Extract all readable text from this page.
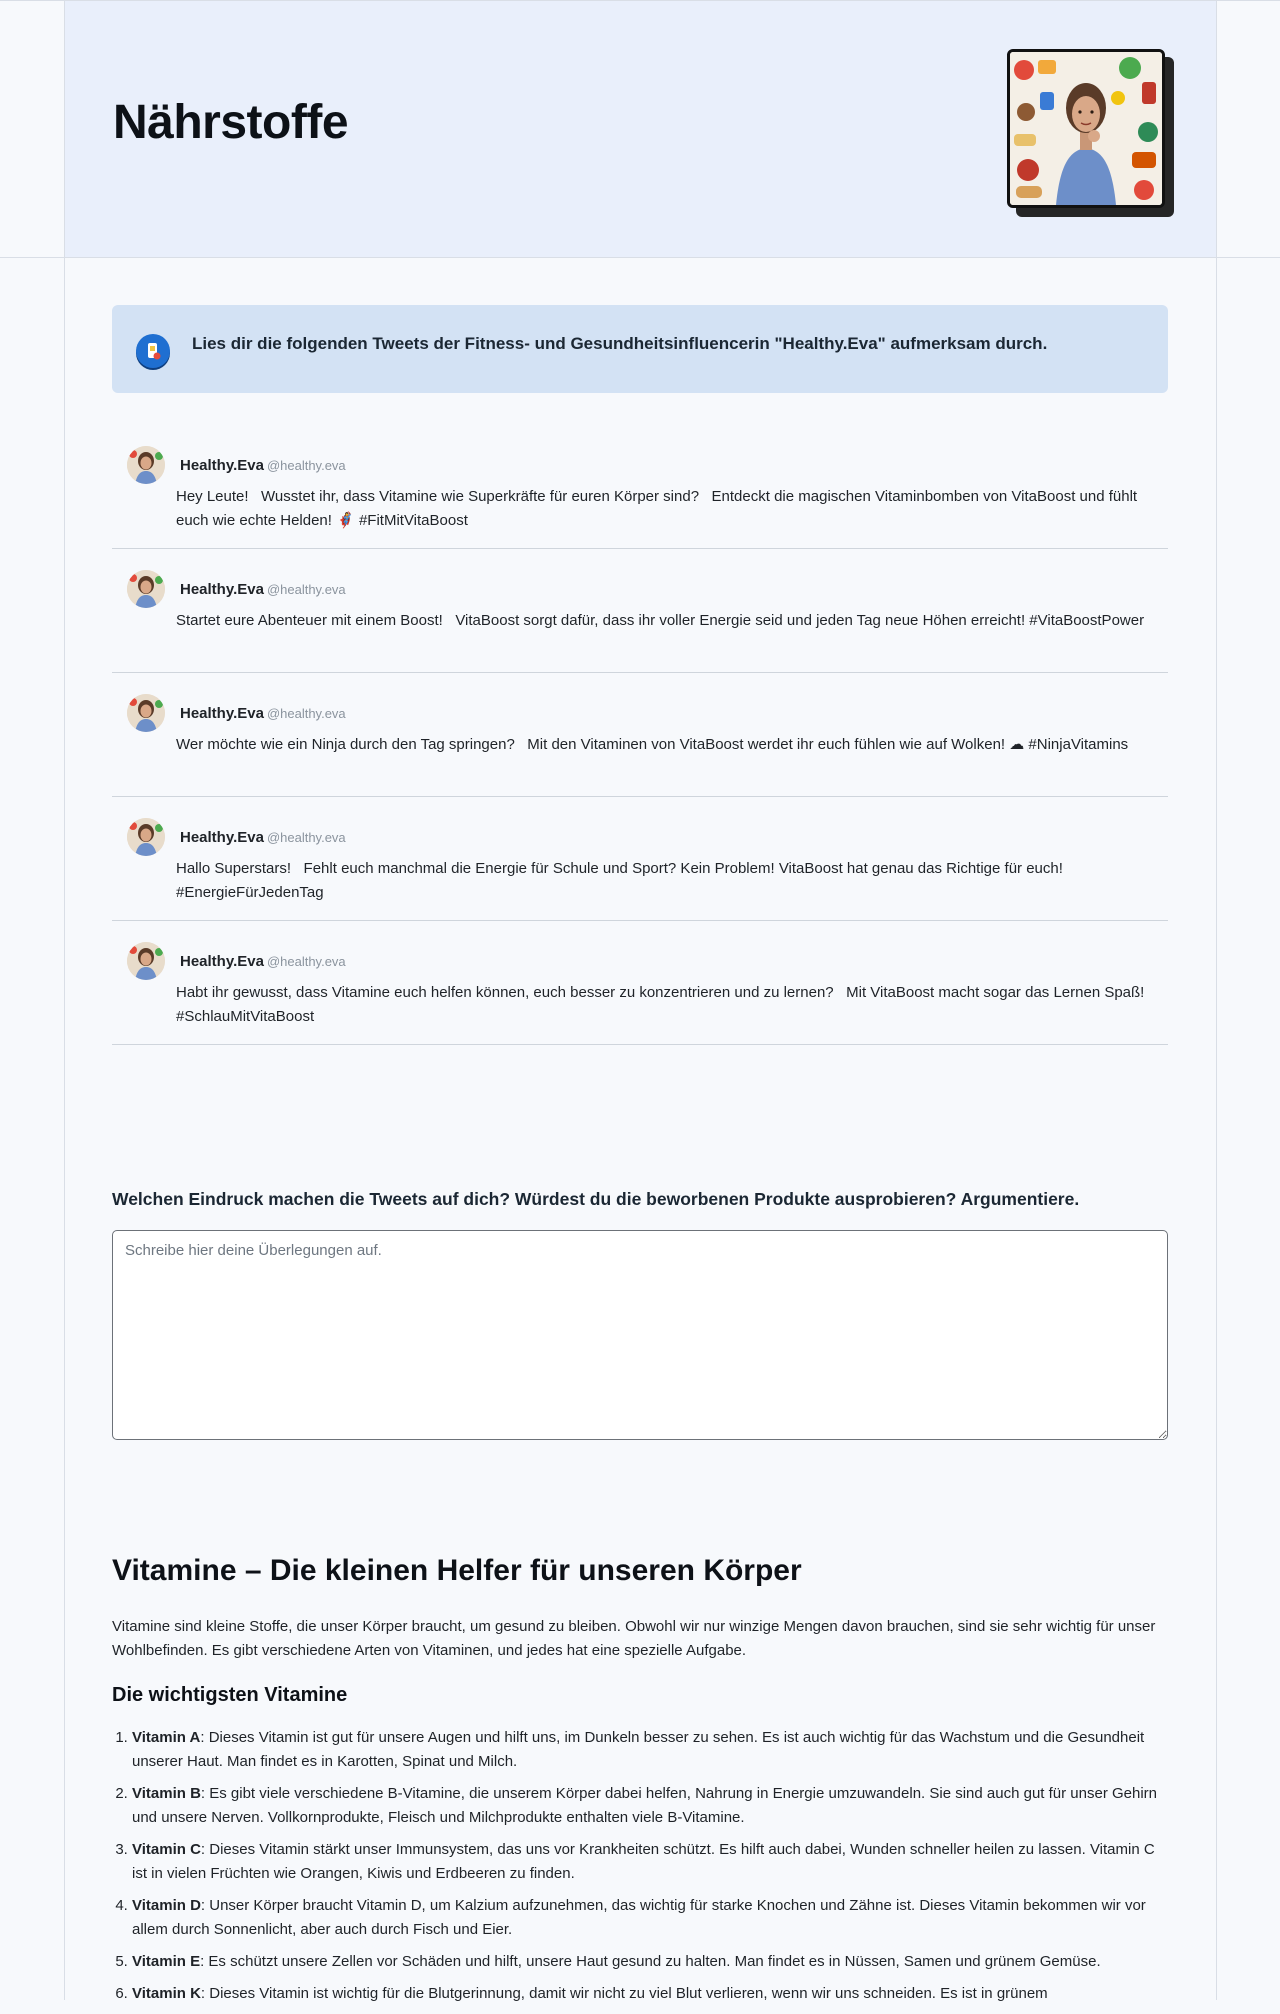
Nährstoffe
Lies dir die folgenden Tweets der Fitness- und Gesundheitsinfluencerin "Healthy.Eva" aufmerksam durch.
Healthy.Eva @healthy.eva
Hey Leute!   Wusstet ihr, dass Vitamine wie Superkräfte für euren Körper sind?   Entdeckt die magischen Vitaminbomben von VitaBoost und fühlt euch wie echte Helden! 🦸‍♀️ #FitMitVitaBoost
Healthy.Eva @healthy.eva
Startet eure Abenteuer mit einem Boost!   VitaBoost sorgt dafür, dass ihr voller Energie seid und jeden Tag neue Höhen erreicht! #VitaBoostPower
Healthy.Eva @healthy.eva
Wer möchte wie ein Ninja durch den Tag springen?   Mit den Vitaminen von VitaBoost werdet ihr euch fühlen wie auf Wolken! ☁ #NinjaVitamins
Healthy.Eva @healthy.eva
Hallo Superstars!   Fehlt euch manchmal die Energie für Schule und Sport? Kein Problem! VitaBoost hat genau das Richtige für euch! #EnergieFürJedenTag
Healthy.Eva @healthy.eva
Habt ihr gewusst, dass Vitamine euch helfen können, euch besser zu konzentrieren und zu lernen?   Mit VitaBoost macht sogar das Lernen Spaß!   #SchlauMitVitaBoost

Welchen Eindruck machen die Tweets auf dich? Würdest du die beworbenen Produkte ausprobieren? Argumentiere.

Schreibe hier deine Überlegungen auf.
Vitamine – Die kleinen Helfer für unseren Körper

Vitamine sind kleine Stoffe, die unser Körper braucht, um gesund zu bleiben. Obwohl wir nur winzige Mengen davon brauchen, sind sie sehr wichtig für unser Wohlbefinden. Es gibt verschiedene Arten von Vitaminen, und jedes hat eine spezielle Aufgabe.

Die wichtigsten Vitamine
1. Vitamin A: Dieses Vitamin ist gut für unsere Augen und hilft uns, im Dunkeln besser zu sehen. Es ist auch wichtig für das Wachstum und die Gesundheit unserer Haut. Man findet es in Karotten, Spinat und Milch.
2. Vitamin B: Es gibt viele verschiedene B-Vitamine, die unserem Körper dabei helfen, Nahrung in Energie umzuwandeln. Sie sind auch gut für unser Gehirn und unsere Nerven. Vollkornprodukte, Fleisch und Milchprodukte enthalten viele B-Vitamine.
3. Vitamin C: Dieses Vitamin stärkt unser Immunsystem, das uns vor Krankheiten schützt. Es hilft auch dabei, Wunden schneller heilen zu lassen. Vitamin C ist in vielen Früchten wie Orangen, Kiwis und Erdbeeren zu finden.
4. Vitamin D: Unser Körper braucht Vitamin D, um Kalzium aufzunehmen, das wichtig für starke Knochen und Zähne ist. Dieses Vitamin bekommen wir vor allem durch Sonnenlicht, aber auch durch Fisch und Eier.
5. Vitamin E: Es schützt unsere Zellen vor Schäden und hilft, unsere Haut gesund zu halten. Man findet es in Nüssen, Samen und grünem Gemüse.
6. Vitamin K: Dieses Vitamin ist wichtig für die Blutgerinnung, damit wir nicht zu viel Blut verlieren, wenn wir uns schneiden. Es ist in grünem
